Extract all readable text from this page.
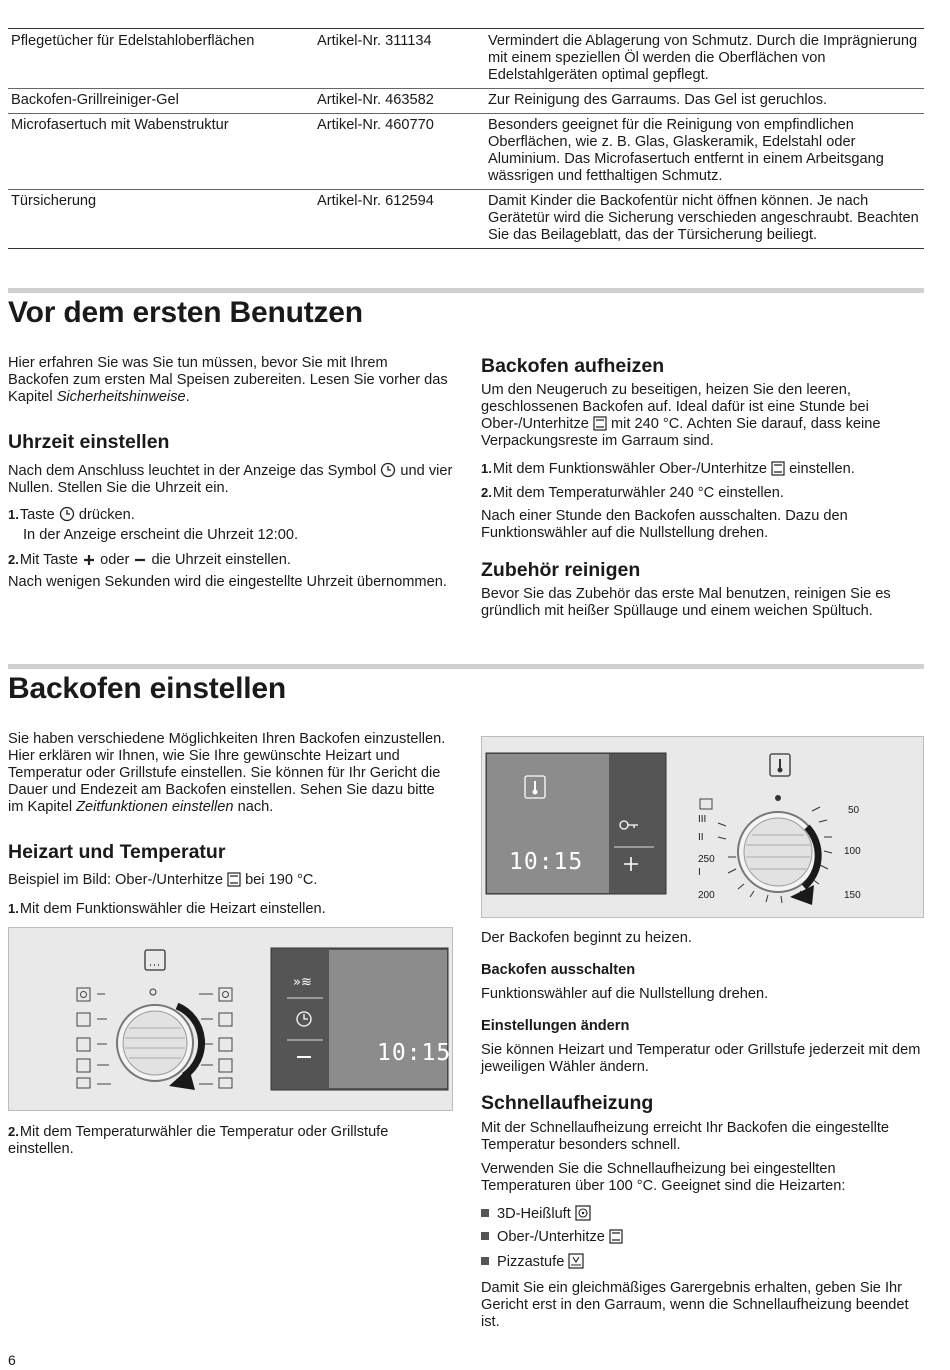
Pflegetücher für Edelstahloberflächen	Artikel-Nr. 311134	Vermindert die Ablagerung von Schmutz. Durch die Imprägnierung mit einem speziellen Öl werden die Oberflächen von Edelstahlgeräten optimal gepflegt.
Backofen-Grillreiniger-Gel	Artikel-Nr. 463582	Zur Reinigung des Garraums. Das Gel ist geruchlos.
Microfasertuch mit Wabenstruktur	Artikel-Nr. 460770	Besonders geeignet für die Reinigung von empfindlichen Oberflächen, wie z. B. Glas, Glaskeramik, Edelstahl oder Aluminium. Das Microfasertuch entfernt in einem Arbeitsgang wässrigen und fetthaltigen Schmutz.
Türsicherung	Artikel-Nr. 612594	Damit Kinder die Backofentür nicht öffnen können. Je nach Gerätetür wird die Sicherung verschieden angeschraubt. Beachten Sie das Beilageblatt, das der Türsicherung beiliegt.
Vor dem ersten Benutzen

Hier erfahren Sie was Sie tun müssen, bevor Sie mit Ihrem Backofen zum ersten Mal Speisen zubereiten. Lesen Sie vorher das Kapitel Sicherheitshinweise.

Uhrzeit einstellen

Nach dem Anschluss leuchtet in der Anzeige das Symbol und vier Nullen. Stellen Sie die Uhrzeit ein.

1.Taste drücken.

In der Anzeige erscheint die Uhrzeit 12:00.

2.Mit Taste oder die Uhrzeit einstellen.

Nach wenigen Sekunden wird die eingestellte Uhrzeit übernommen.

Backofen aufheizen

Um den Neugeruch zu beseitigen, heizen Sie den leeren, geschlossenen Backofen auf. Ideal dafür ist eine Stunde bei Ober-/Unterhitze mit 240 °C. Achten Sie darauf, dass keine Verpackungsreste im Garraum sind.

1.Mit dem Funktionswähler Ober-/Unterhitze einstellen.

2.Mit dem Temperaturwähler 240 °C einstellen.

Nach einer Stunde den Backofen ausschalten. Dazu den Funktionswähler auf die Nullstellung drehen.

Zubehör reinigen

Bevor Sie das Zubehör das erste Mal benutzen, reinigen Sie es gründlich mit heißer Spüllauge und einem weichen Spültuch.

Backofen einstellen

Sie haben verschiedene Möglichkeiten Ihren Backofen einzustellen. Hier erklären wir Ihnen, wie Sie Ihre gewünschte Heizart und Temperatur oder Grillstufe einstellen. Sie können für Ihr Gericht die Dauer und Endezeit am Backofen einstellen. Sehen Sie dazu bitte im Kapitel Zeitfunktionen einstellen nach.

Heizart und Temperatur

Beispiel im Bild: Ober-/Unterhitze bei 190 °C.

1.Mit dem Funktionswähler die Heizart einstellen.

»≋
10:15

2.Mit dem Temperaturwähler die Temperatur oder Grillstufe einstellen.

10:15
III
II
I
250
200	150
100
50

Der Backofen beginnt zu heizen.

Backofen ausschalten

Funktionswähler auf die Nullstellung drehen.

Einstellungen ändern

Sie können Heizart und Temperatur oder Grillstufe jederzeit mit dem jeweiligen Wähler ändern.

Schnellaufheizung

Mit der Schnellaufheizung erreicht Ihr Backofen die eingestellte Temperatur besonders schnell.

Verwenden Sie die Schnellaufheizung bei eingestellten Temperaturen über 100 °C. Geeignet sind die Heizarten:

3D-Heißluft

Ober-/Unterhitze

Pizzastufe

Damit Sie ein gleichmäßiges Garergebnis erhalten, geben Sie Ihr Gericht erst in den Garraum, wenn die Schnellaufheizung beendet ist.

6
